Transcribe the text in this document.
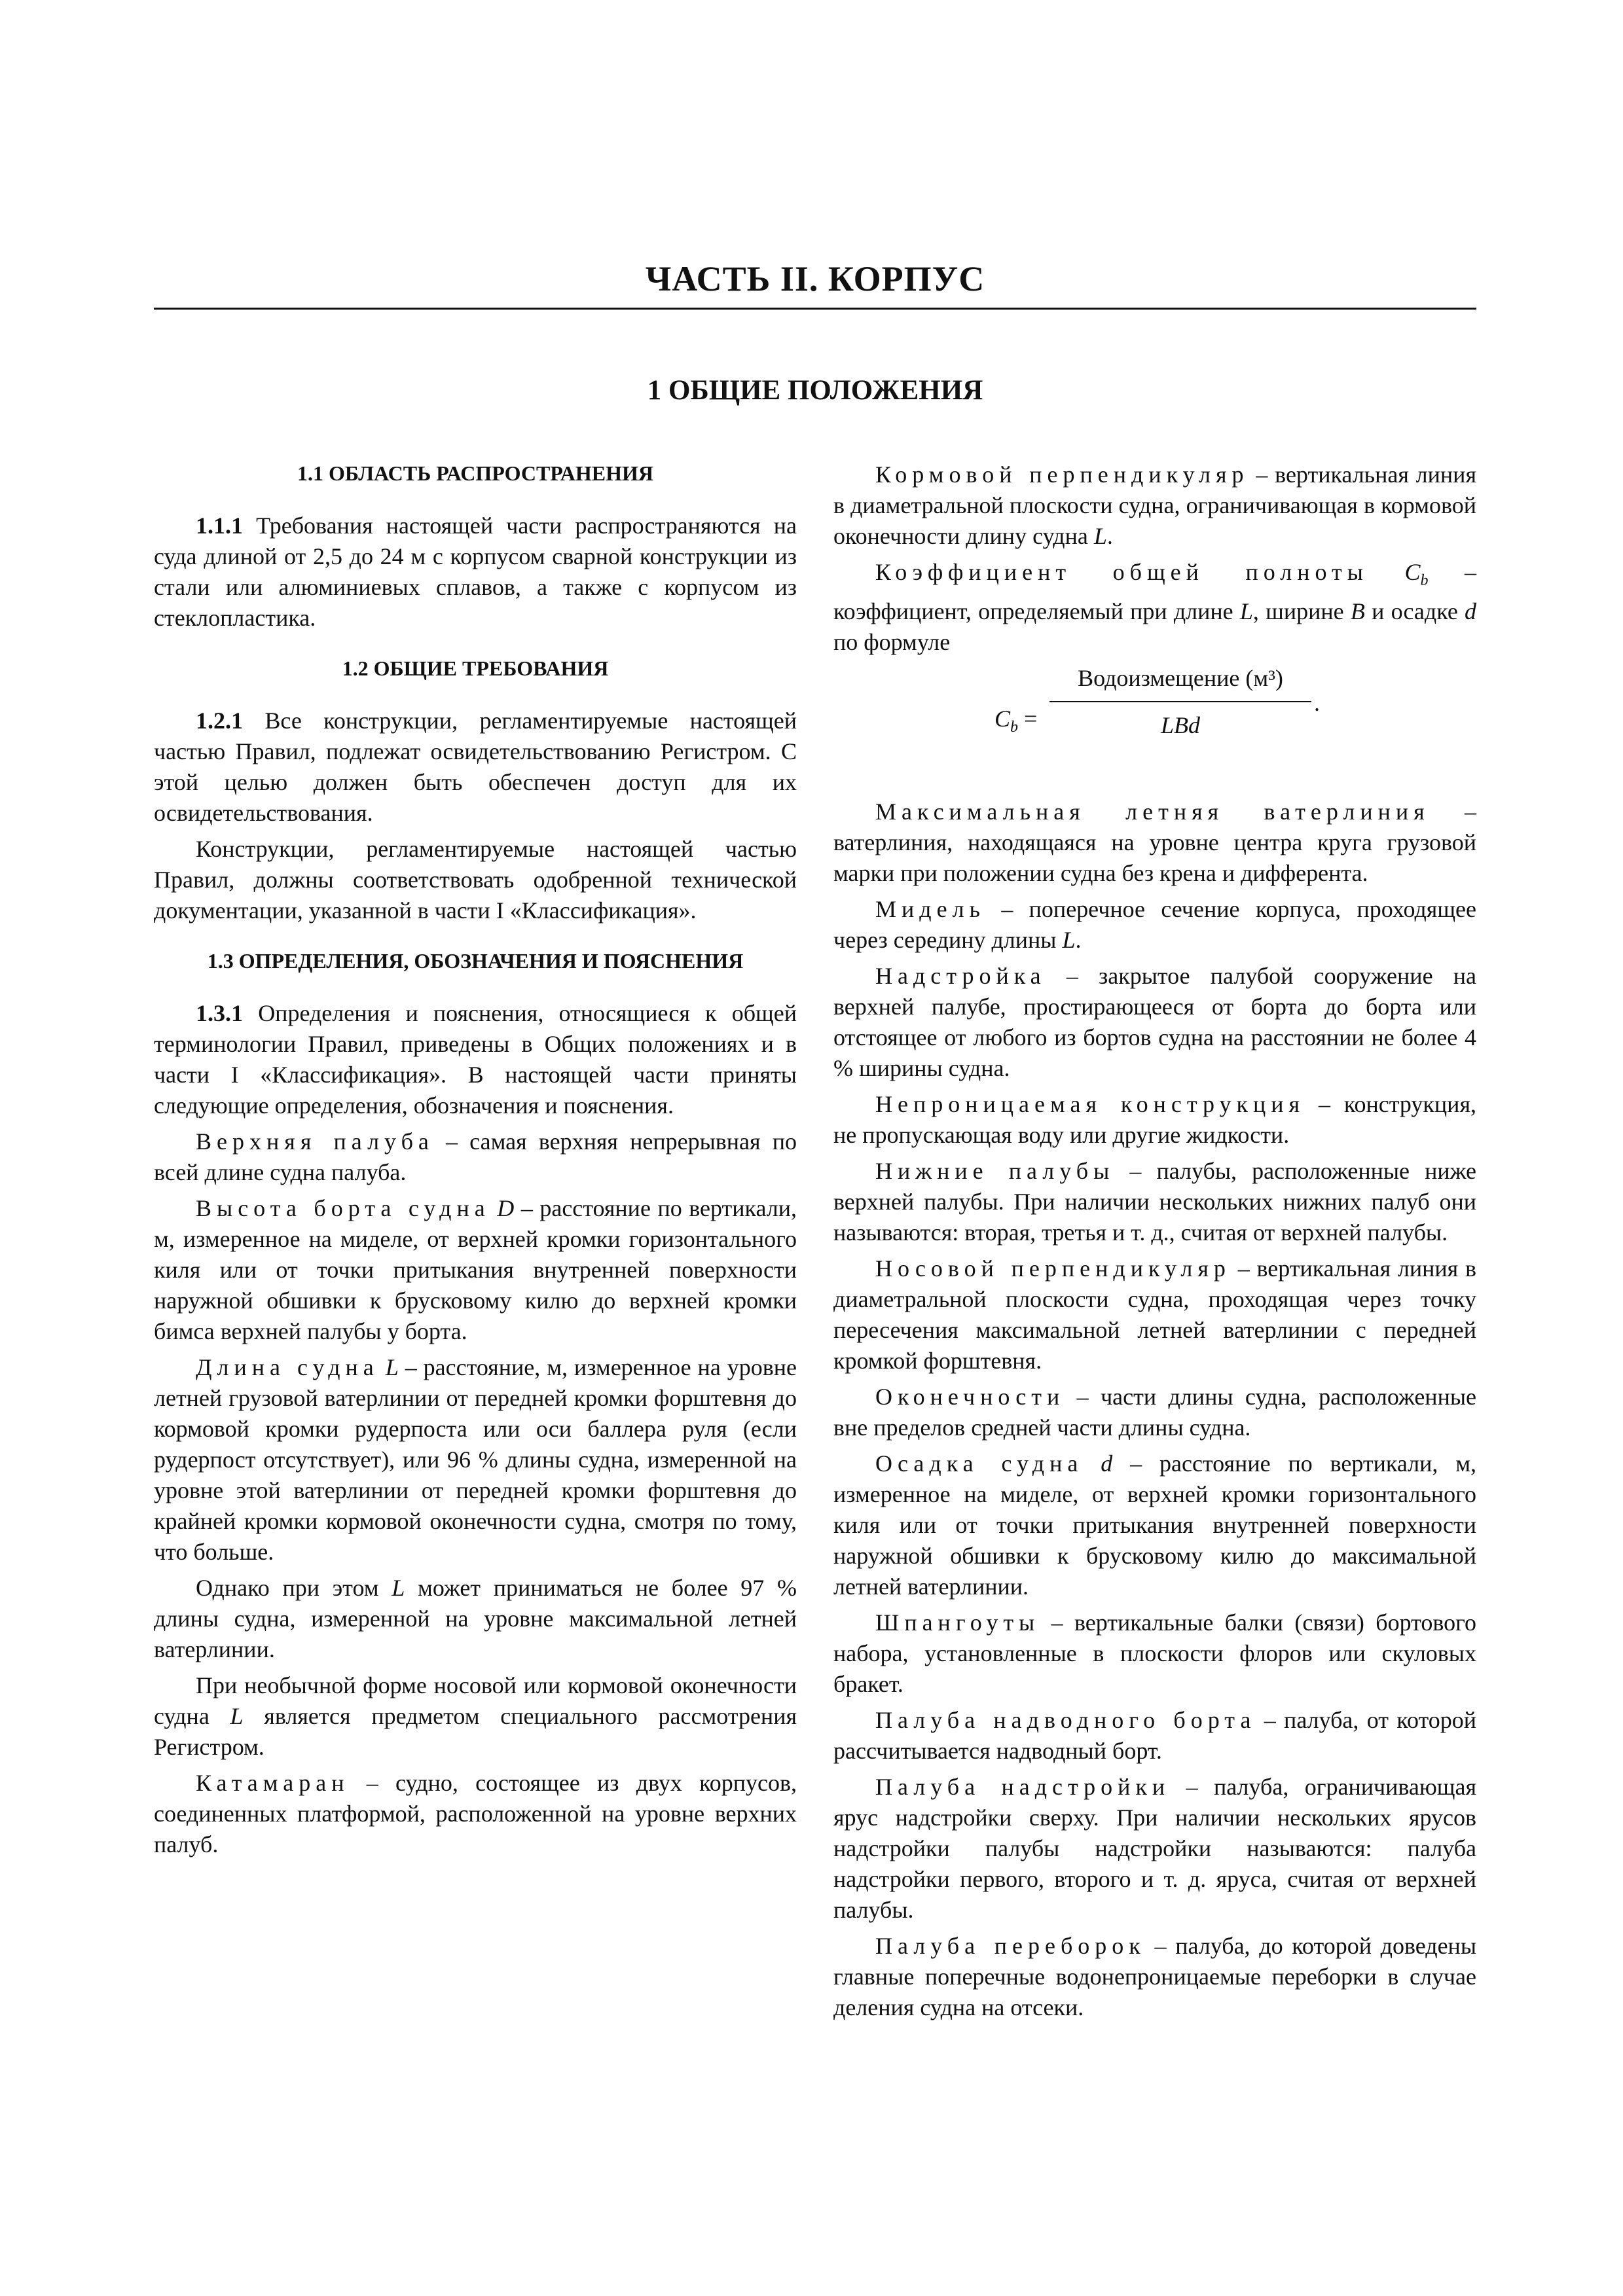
ЧАСТЬ II. КОРПУС
1 ОБЩИЕ ПОЛОЖЕНИЯ
1.1 ОБЛАСТЬ РАСПРОСТРАНЕНИЯ

1.1.1 Требования настоящей части распространяются на суда длиной от 2,5 до 24 м с корпусом сварной конструкции из стали или алюминиевых сплавов, а также с корпусом из стеклопластика.

1.2 ОБЩИЕ ТРЕБОВАНИЯ

1.2.1 Все конструкции, регламентируемые настоящей частью Правил, подлежат освидетельствованию Регистром. С этой целью должен быть обеспечен доступ для их освидетельствования.

Конструкции, регламентируемые настоящей частью Правил, должны соответствовать одобренной технической документации, указанной в части I «Классификация».

1.3 ОПРЕДЕЛЕНИЯ, ОБОЗНАЧЕНИЯ И ПОЯСНЕНИЯ

1.3.1 Определения и пояснения, относящиеся к общей терминологии Правил, приведены в Общих положениях и в части I «Классификация». В настоящей части приняты следующие определения, обозначения и пояснения.

Верхняя палуба – самая верхняя непрерывная по всей длине судна палуба.

Высота борта судна D – расстояние по вертикали, м, измеренное на миделе, от верхней кромки горизонтального киля или от точки притыкания внутренней поверхности наружной обшивки к брусковому килю до верхней кромки бимса верхней палубы у борта.

Длина судна L – расстояние, м, измеренное на уровне летней грузовой ватерлинии от передней кромки форштевня до кормовой кромки рудерпоста или оси баллера руля (если рудерпост отсутствует), или 96 % длины судна, измеренной на уровне этой ватерлинии от передней кромки форштевня до крайней кромки кормовой оконечности судна, смотря по тому, что больше.

Однако при этом L может приниматься не более 97 % длины судна, измеренной на уровне максимальной летней ватерлинии.

При необычной форме носовой или кормовой оконечности судна L является предметом специального рассмотрения Регистром.

Катамаран – судно, состоящее из двух корпусов, соединенных платформой, расположенной на уровне верхних палуб.

Кормовой перпендикуляр – вертикальная линия в диаметральной плоскости судна, ограничивающая в кормовой оконечности длину судна L.

Коэффициент общей полноты $C_b$ – коэффициент, определяемый при длине L, ширине B и осадке d по формуле

$C_b$ =
Водоизмещение (м³)
LBd
.

Максимальная летняя ватерлиния – ватерлиния, находящаяся на уровне центра круга грузовой марки при положении судна без крена и дифферента.

Мидель – поперечное сечение корпуса, проходящее через середину длины L.

Надстройка – закрытое палубой сооружение на верхней палубе, простирающееся от борта до борта или отстоящее от любого из бортов судна на расстоянии не более 4 % ширины судна.

Непроницаемая конструкция – конструкция, не пропускающая воду или другие жидкости.

Нижние палубы – палубы, расположенные ниже верхней палубы. При наличии нескольких нижних палуб они называются: вторая, третья и т. д., считая от верхней палубы.

Носовой перпендикуляр – вертикальная линия в диаметральной плоскости судна, проходящая через точку пересечения максимальной летней ватерлинии с передней кромкой форштевня.

Оконечности – части длины судна, расположенные вне пределов средней части длины судна.

Осадка судна d – расстояние по вертикали, м, измеренное на миделе, от верхней кромки горизонтального киля или от точки притыкания внутренней поверхности наружной обшивки к брусковому килю до максимальной летней ватерлинии.

Шпангоуты – вертикальные балки (связи) бортового набора, установленные в плоскости флоров или скуловых бракет.

Палуба надводного борта – палуба, от которой рассчитывается надводный борт.

Палуба надстройки – палуба, ограничивающая ярус надстройки сверху. При наличии нескольких ярусов надстройки палубы надстройки называются: палуба надстройки первого, второго и т. д. яруса, считая от верхней палубы.

Палуба переборок – палуба, до которой доведены главные поперечные водонепроницаемые переборки в случае деления судна на отсеки.
